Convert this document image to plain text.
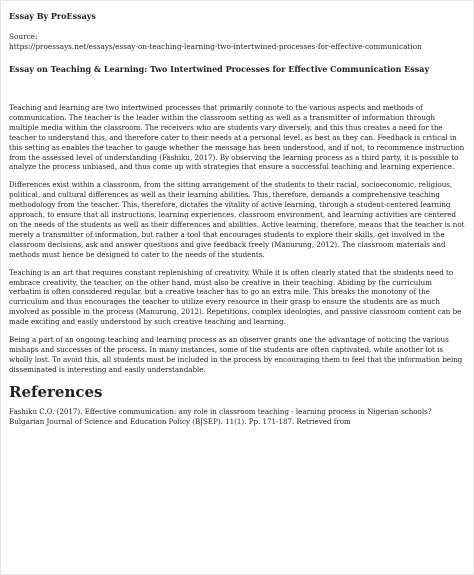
Essay By ProEssays
Source:
https://proessays.net/essays/essay-on-teaching-learning-two-intertwined-processes-for-effective-communication
Essay on Teaching & Learning: Two Intertwined Processes for Effective Communication Essay

Teaching and learning are two intertwined processes that primarily connote to the various aspects and methods of communication. The teacher is the leader within the classroom setting as well as a transmitter of information through multiple media within the classroom. The receivers who are students vary diversely, and this thus creates a need for the teacher to understand this, and therefore cater to their needs at a personal level, as best as they can. Feedback is critical in this setting as enables the teacher to gauge whether the message has been understood, and if not, to recommence instruction from the assessed level of understanding (Fashiku, 2017). By observing the learning process as a third party, it is possible to analyze the process unbiased, and thus come up with strategies that ensure a successful teaching and learning experience.

Differences exist within a classroom, from the sitting arrangement of the students to their racial, socioeconomic, religious, political, and cultural differences as well as their learning abilities. This, therefore, demands a comprehensive teaching methodology from the teacher. This, therefore, dictates the vitality of active learning, through a student-centered learning approach, to ensure that all instructions, learning experiences, classroom environment, and learning activities are centered on the needs of the students as well as their differences and abilities. Active learning, therefore, means that the teacher is not merely a transmitter of information, but rather a tool that encourages students to explore their skills, get involved in the classroom decisions, ask and answer questions and give feedback freely (Manurung, 2012). The classroom materials and methods must hence be designed to cater to the needs of the students.

Teaching is an art that requires constant replenishing of creativity. While it is often clearly stated that the students need to embrace creativity, the teacher, on the other hand, must also be creative in their teaching. Abiding by the curriculum verbatim is often considered regular, but a creative teacher has to go an extra mile. This breaks the monotony of the curriculum and thus encourages the teacher to utilize every resource in their grasp to ensure the students are as much involved as possible in the process (Manurung, 2012). Repetitions, complex ideologies, and passive classroom content can be made exciting and easily understood by such creative teaching and learning.

Being a part of an ongoing teaching and learning process as an observer grants one the advantage of noticing the various mishaps and successes of the process. In many instances, some of the students are often captivated, while another lot is wholly lost. To avoid this, all students must be included in the process by encouraging them to feel that the information being disseminated is interesting and easily understandable.

References

Fashiku C.O. (2017). Effective communication: any role in classroom teaching - learning process in Nigerian schools? Bulgarian Journal of Science and Education Policy (BJSEP). 11(1). Pp. 171-187. Retrieved from
